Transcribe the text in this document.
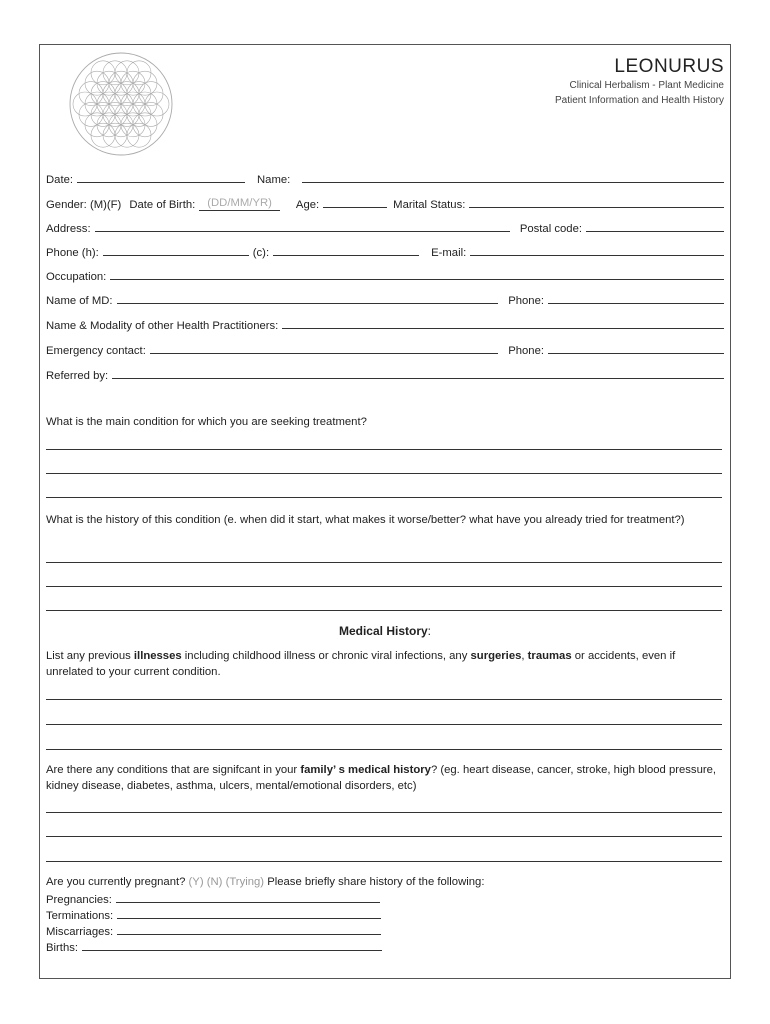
LEONURUS
Clinical Herbalism - Plant Medicine
Patient Information and Health History
Date:	Name:
Gender: (M)(F) Date of Birth:	(DD/MM/YR)	Age:	Marital Status:
Address:	Postal code:
Phone (h):	(c):	E-mail:
Occupation:
Name of MD:	Phone:
Name & Modality of other Health Practitioners:
Emergency contact:	Phone:
Referred by:
What is the main condition for which you are seeking treatment?
What is the history of this condition (e. when did it start, what makes it worse/better? what have you already tried for treatment?)
Medical History:
List any previous illnesses including childhood illness or chronic viral infections, any surgeries, traumas or accidents, even if unrelated to your current condition.
Are there any conditions that are signifcant in your family’ s medical history? (eg. heart disease, cancer, stroke, high blood pressure, kidney disease, diabetes, asthma, ulcers, mental/emotional disorders, etc)
Are you currently pregnant? (Y) (N) (Trying) Please briefly share history of the following:
Pregnancies:
Terminations:
Miscarriages:
Births:
